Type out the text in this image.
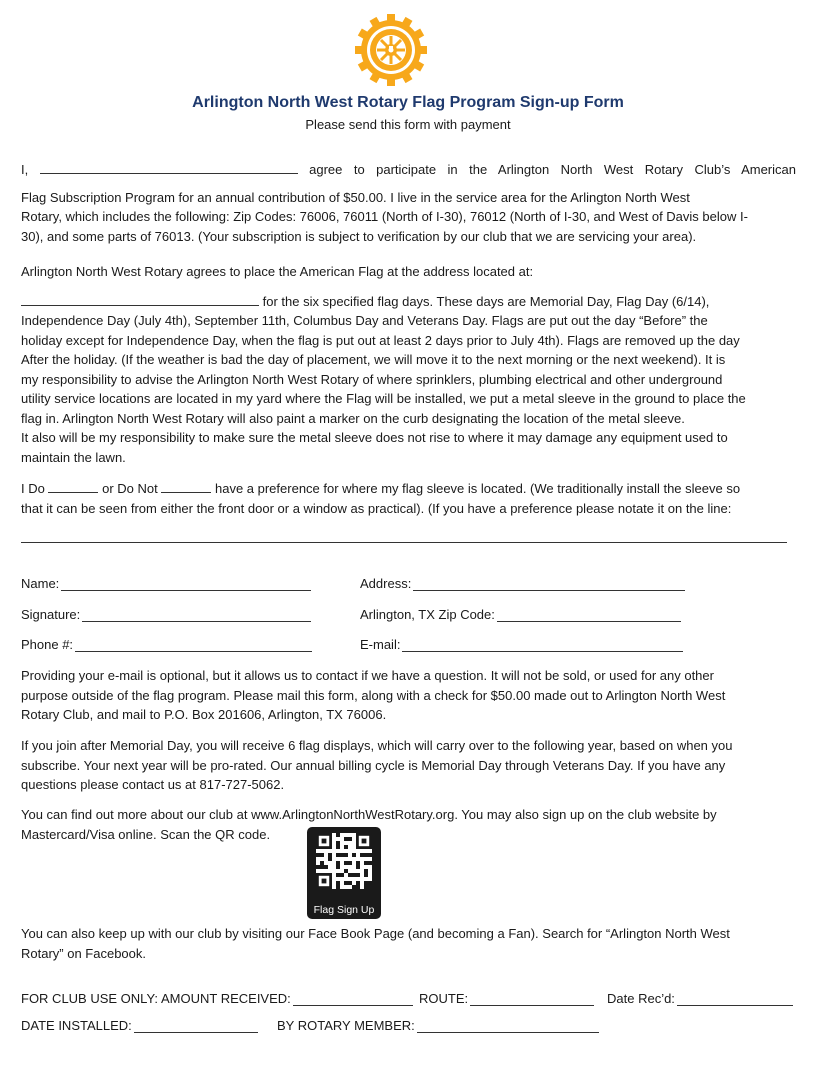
Arlington North West Rotary Flag Program Sign-up Form
Please send this form with payment

I,	agree to participate in the Arlington North West Rotary Club’s American

Flag Subscription Program for an annual contribution of $50.00. I live in the service area for the Arlington North West

Rotary, which includes the following: Zip Codes: 76006, 76011 (North of I-30), 76012 (North of I-30, and West of Davis below I-

30), and some parts of 76013. (Your subscription is subject to verification by our club that we are servicing your area).

Arlington North West Rotary agrees to place the American Flag at the address located at:

for the six specified flag days. These days are Memorial Day, Flag Day (6/14),

Independence Day (July 4th), September 11th, Columbus Day and Veterans Day. Flags are put out the day “Before” the

holiday except for Independence Day, when the flag is put out at least 2 days prior to July 4th). Flags are removed up the day

After the holiday. (If the weather is bad the day of placement, we will move it to the next morning or the next weekend). It is

my responsibility to advise the Arlington North West Rotary of where sprinklers, plumbing electrical and other underground

utility service locations are located in my yard where the Flag will be installed, we put a metal sleeve in the ground to place the

flag in. Arlington North West Rotary will also paint a marker on the curb designating the location of the metal sleeve.

It also will be my responsibility to make sure the metal sleeve does not rise to where it may damage any equipment used to

maintain the lawn.

I Do	or Do Not	have a preference for where my flag sleeve is located. (We traditionally install the sleeve so

that it can be seen from either the front door or a window as practical). (If you have a preference please notate it on the line:

Name:	Address:
Signature:	Arlington, TX Zip Code:
Phone #:	E-mail:

Providing your e-mail is optional, but it allows us to contact if we have a question. It will not be sold, or used for any other

purpose outside of the flag program. Please mail this form, along with a check for $50.00 made out to Arlington North West

Rotary Club, and mail to P.O. Box 201606, Arlington, TX 76006.

If you join after Memorial Day, you will receive 6 flag displays, which will carry over to the following year, based on when you

subscribe. Your next year will be pro-rated. Our annual billing cycle is Memorial Day through Veterans Day. If you have any

questions please contact us at 817-727-5062.

You can find out more about our club at www.ArlingtonNorthWestRotary.org. You may also sign up on the club website by

Mastercard/Visa online. Scan the QR code.

Flag Sign Up

You can also keep up with our club by visiting our Face Book Page (and becoming a Fan). Search for “Arlington North West

Rotary” on Facebook.

FOR CLUB USE ONLY: AMOUNT RECEIVED:	ROUTE:	Date Rec’d:
DATE INSTALLED:	BY ROTARY MEMBER:
